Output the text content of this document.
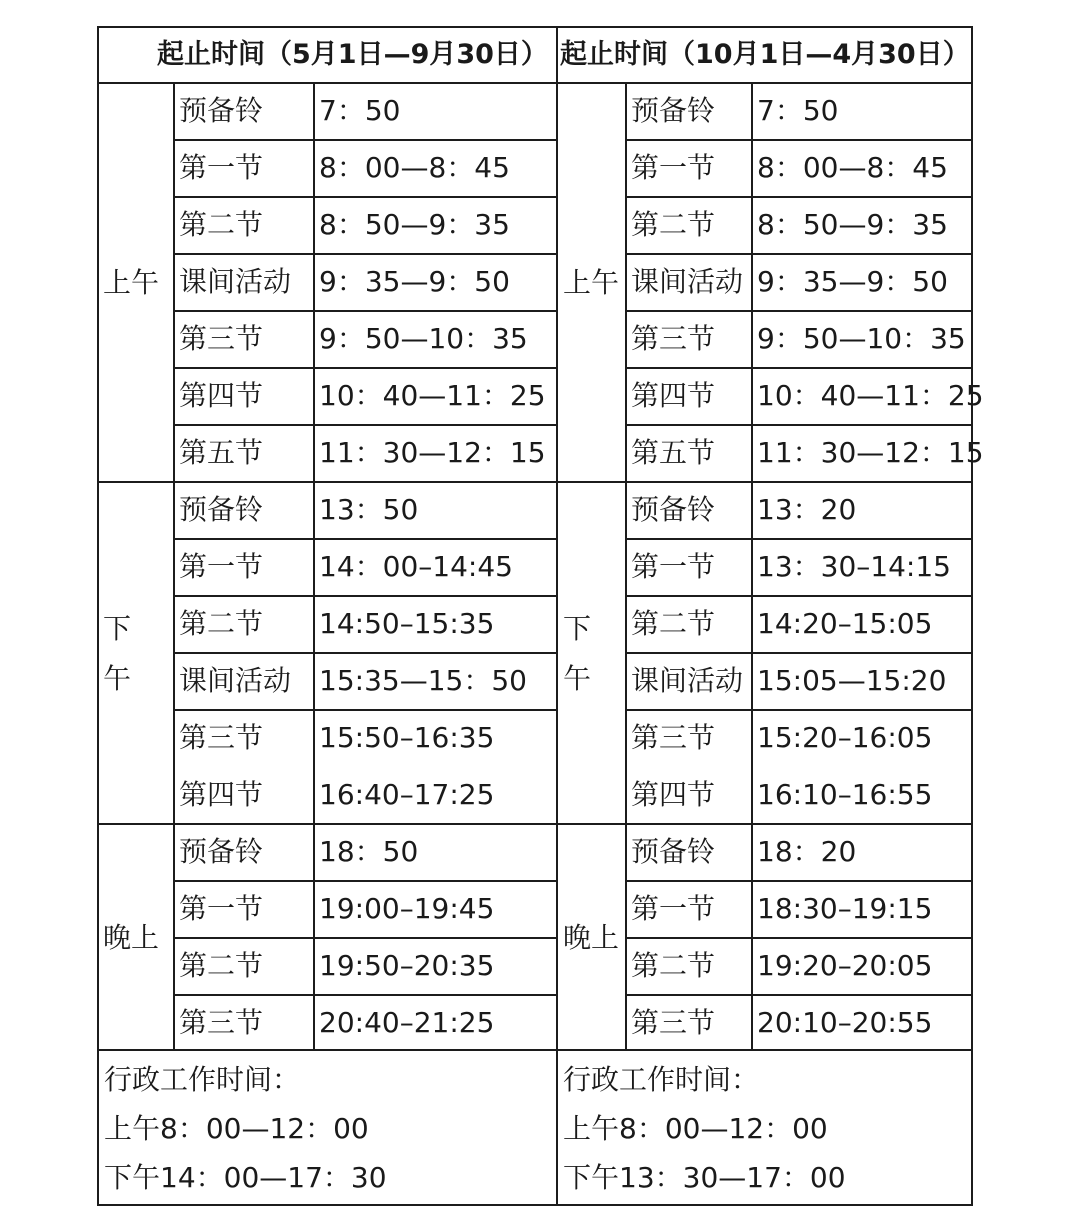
起止时间（5月1日—9月30日） 起止时间（10月1日—4月30日）
上午
下
午
晚上
上午
下
午
晚上
行政工作时间：
上午8：00—12：00
下午14：00—17：30
行政工作时间：
上午8：00—12：00
下午13：30—17：00
预备铃 7：50
第一节 8：00—8：45
第二节 8：50—9：35
课间活动 9：35—9：50
第三节 9：50—10：35
第四节 10：40—11：25
第五节 11：30—12：15
预备铃 13：50
第一节 14：00–14:45
第二节 14:50–15:35
课间活动 15:35—15：50
第三节 15:50–16:35
第四节 16:40–17:25
预备铃 18：50
第一节 19:00–19:45
第二节 19:50–20:35
第三节 20:40–21:25
预备铃 7：50
第一节 8：00—8：45
第二节 8：50—9：35
课间活动 9：35—9：50
第三节 9：50—10：35
第四节 10：40—11：25
第五节 11：30—12：15
预备铃 13：20
第一节 13：30–14:15
第二节 14:20–15:05
课间活动 15:05—15:20
第三节 15:20–16:05
第四节 16:10–16:55
预备铃 18：20
第一节 18:30–19:15
第二节 19:20–20:05
第三节 20:10–20:55
